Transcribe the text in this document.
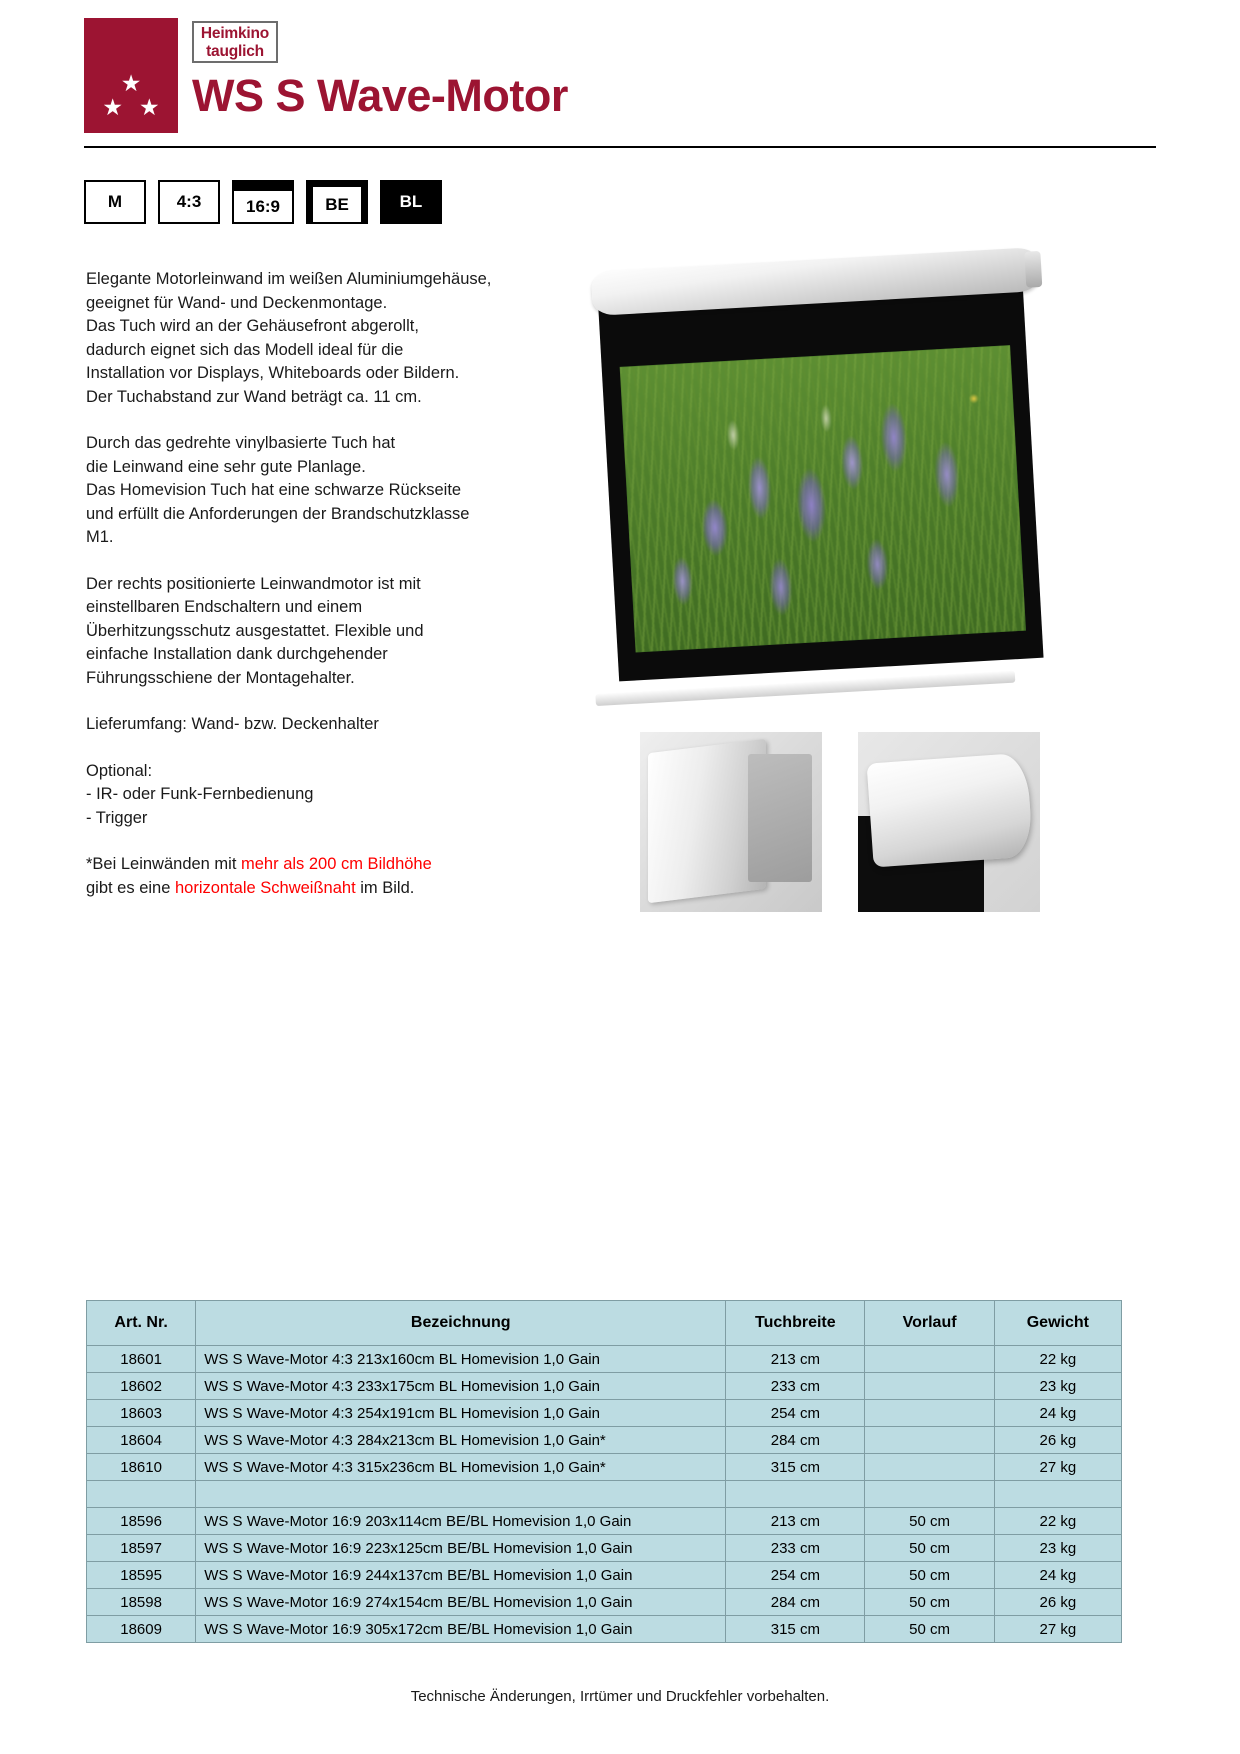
★
★★
Heimkino
tauglich
WS S Wave-Motor
M	4:3	16:9	BE	BL

Elegante Motorleinwand im weißen Aluminiumgehäuse,
geeignet für Wand- und Deckenmontage.
Das Tuch wird an der Gehäusefront abgerollt,
dadurch eignet sich das Modell ideal für die
Installation vor Displays, Whiteboards oder Bildern.
Der Tuchabstand zur Wand beträgt ca. 11 cm.

Durch das gedrehte vinylbasierte Tuch hat
die Leinwand eine sehr gute Planlage.
Das Homevision Tuch hat eine schwarze Rückseite
und erfüllt die Anforderungen der Brandschutzklasse
M1.

Der rechts positionierte Leinwandmotor ist mit
einstellbaren Endschaltern und einem
Überhitzungsschutz ausgestattet. Flexible und
einfache Installation dank durchgehender
Führungsschiene der Montagehalter.

Lieferumfang: Wand- bzw. Deckenhalter

Optional:
- IR- oder Funk-Fernbedienung
- Trigger

*Bei Leinwänden mit mehr als 200 cm Bildhöhe
gibt es eine horizontale Schweißnaht im Bild.

Art. Nr.	Bezeichnung	Tuchbreite	Vorlauf	Gewicht
18601	WS S Wave-Motor 4:3 213x160cm BL Homevision 1,0 Gain	213 cm		22 kg
18602	WS S Wave-Motor 4:3 233x175cm BL Homevision 1,0 Gain	233 cm		23 kg
18603	WS S Wave-Motor 4:3 254x191cm BL Homevision 1,0 Gain	254 cm		24 kg
18604	WS S Wave-Motor 4:3 284x213cm BL Homevision 1,0 Gain*	284 cm		26 kg
18610	WS S Wave-Motor 4:3 315x236cm BL Homevision 1,0 Gain*	315 cm		27 kg

18596	WS S Wave-Motor 16:9 203x114cm BE/BL Homevision 1,0 Gain	213 cm	50 cm	22 kg
18597	WS S Wave-Motor 16:9 223x125cm BE/BL Homevision 1,0 Gain	233 cm	50 cm	23 kg
18595	WS S Wave-Motor 16:9 244x137cm BE/BL Homevision 1,0 Gain	254 cm	50 cm	24 kg
18598	WS S Wave-Motor 16:9 274x154cm BE/BL Homevision 1,0 Gain	284 cm	50 cm	26 kg
18609	WS S Wave-Motor 16:9 305x172cm BE/BL Homevision 1,0 Gain	315 cm	50 cm	27 kg
Technische Änderungen, Irrtümer und Druckfehler vorbehalten.
